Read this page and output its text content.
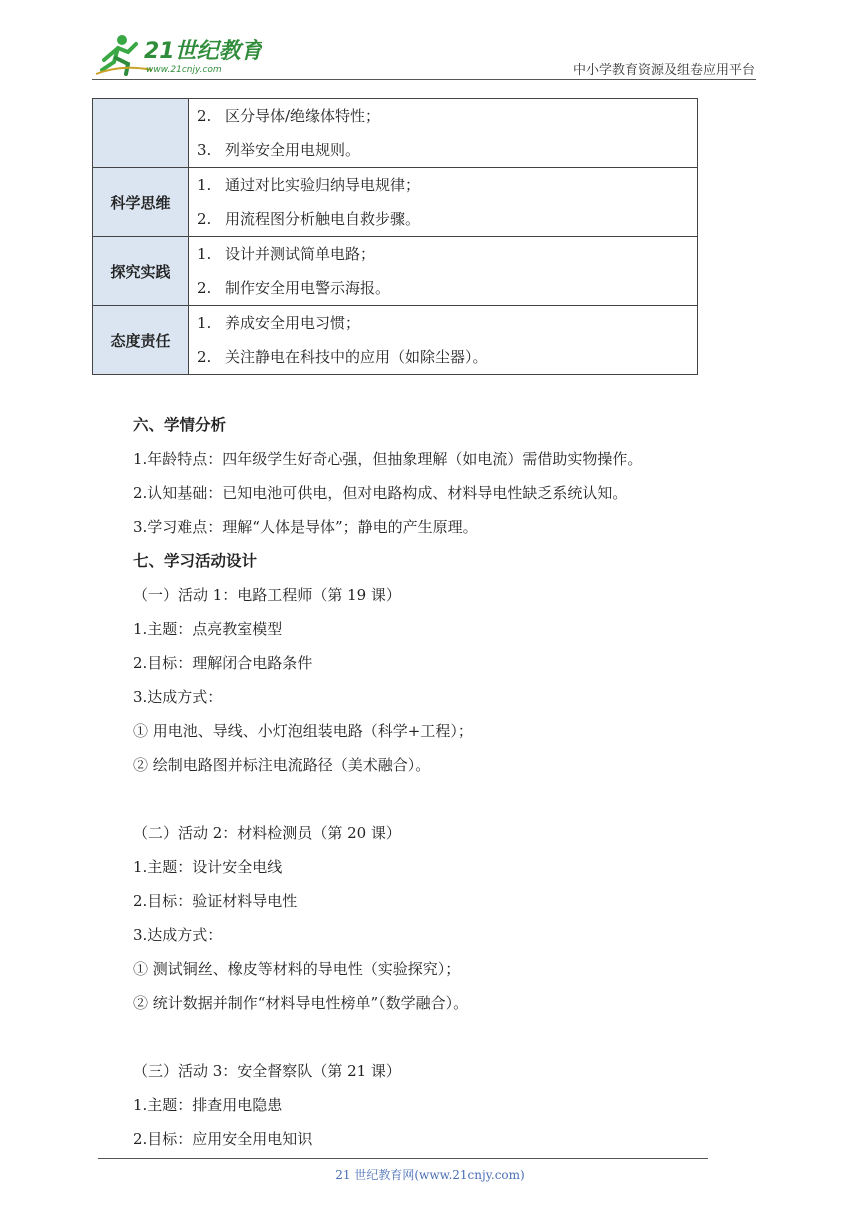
21世纪教育
www.21cnjy.com	中小学教育资源及组卷应用平台

	2. 区分导体/绝缘体特性；
3. 列举安全用电规则。

科学思维	1. 通过对比实验归纳导电规律；
2. 用流程图分析触电自救步骤。

探究实践	1. 设计并测试简单电路；
2. 制作安全用电警示海报。

态度责任	1. 养成安全用电习惯；
2. 关注静电在科技中的应用（如除尘器）。
六、学情分析
1.年龄特点：四年级学生好奇心强，但抽象理解（如电流）需借助实物操作。
2.认知基础：已知电池可供电，但对电路构成、材料导电性缺乏系统认知。
3.学习难点：理解“人体是导体”；静电的产生原理。
七、学习活动设计
（一）活动 1：电路工程师（第 19 课）
1.主题：点亮教室模型
2.目标：理解闭合电路条件
3.达成方式：
① 用电池、导线、小灯泡组装电路（科学+工程）；
② 绘制电路图并标注电流路径（美术融合）。
（二）活动 2：材料检测员（第 20 课）
1.主题：设计安全电线
2.目标：验证材料导电性
3.达成方式：
① 测试铜丝、橡皮等材料的导电性（实验探究）；
② 统计数据并制作“材料导电性榜单”（数学融合）。
（三）活动 3：安全督察队（第 21 课）
1.主题：排查用电隐患
2.目标：应用安全用电知识
21 世纪教育网(www.21cnjy.com)
